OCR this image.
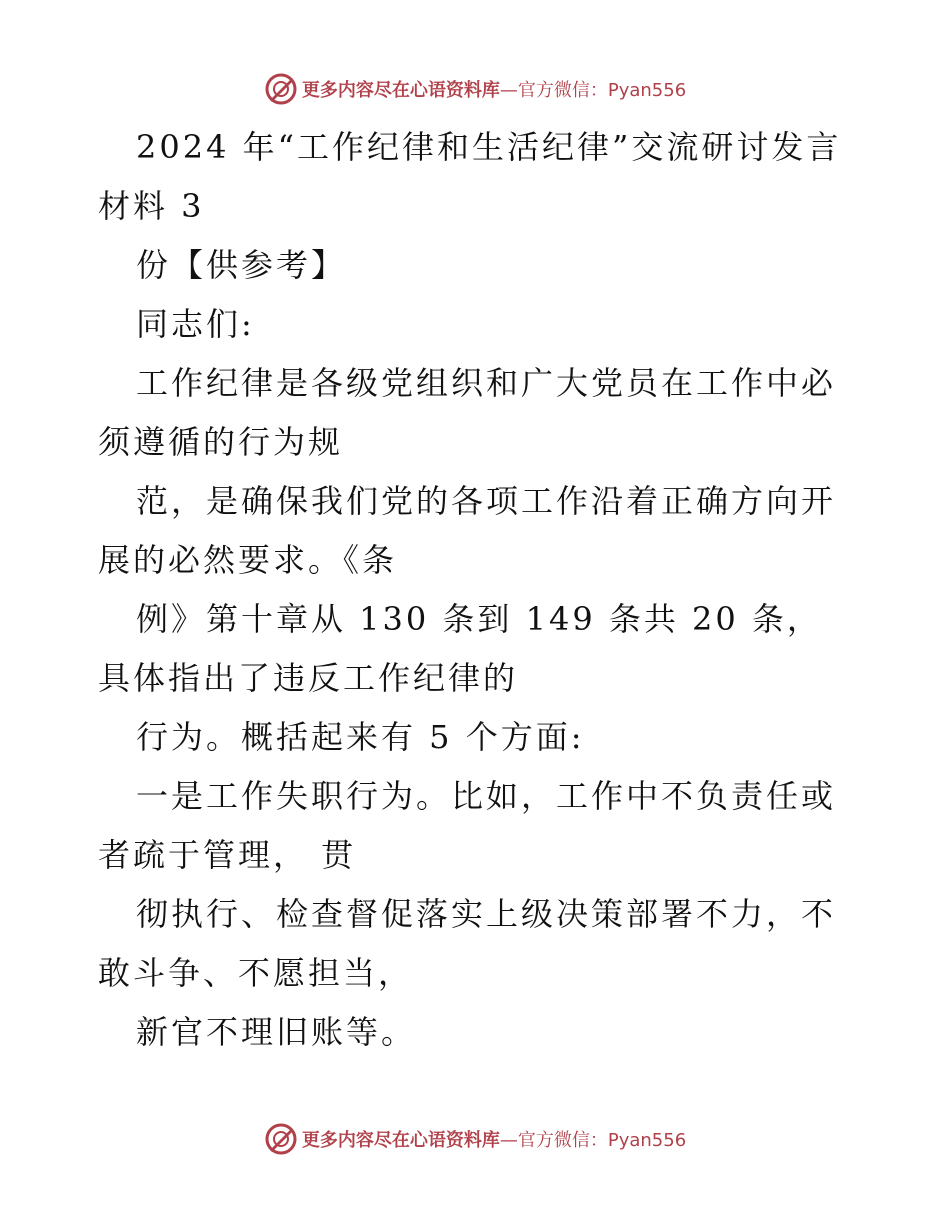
更多内容尽在心语资料库—官方微信：Pyan556

2024 年“工作纪律和生活纪律”交流研讨发言材料 3

份【供参考】

同志们:

工作纪律是各级党组织和广大党员在工作中必须遵循的行为规

范，是确保我们党的各项工作沿着正确方向开展的必然要求。《条

例》第十章从 130 条到 149 条共 20 条，具体指出了违反工作纪律的

行为。概括起来有 5 个方面:

一是工作失职行为。比如，工作中不负责任或者疏于管理， 贯

彻执行、检查督促落实上级决策部署不力，不敢斗争、不愿担当，

新官不理旧账等。

更多内容尽在心语资料库—官方微信：Pyan556
